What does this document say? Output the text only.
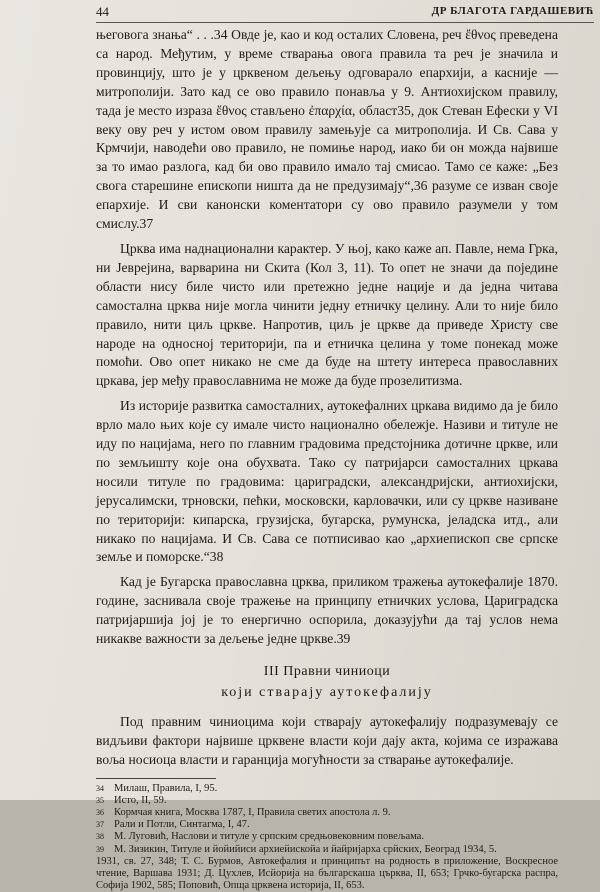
44	ДР БЛАГОТА ГАРДАШЕВИЋ

његовога знања“ . . .34 Овде је, као и код осталих Словена, реч ἔθνος преведена са народ. Међутим, у време стварања овога правила та реч је значила и провинцију, што је у црквеном дељењу одговарало епархији, а касније — митрополији. Зато кад се ово правило понавља у 9. Антиохијском правилу, тада је место израза ἔθνος стављено ἐπαρχία, област35, док Стеван Ефески у VI веку ову реч у истом овом правилу замењује са митрополија. И Св. Сава у Крмчији, наводећи ово правило, не помиње народ, иако би он можда највише за то имао разлога, кад би ово правило имало тај смисао. Тамо се каже: „Без свога старешине епископи ништа да не предузимају“,36 разуме се изван своје епархије. И сви канонски коментатори су ово правило разумели у том смислу.37

Црква има наднационални карактер. У њој, како каже ап. Павле, нема Грка, ни Јеврејина, варварина ни Скита (Кол 3, 11). То опет не значи да поједине области нису биле чисто или претежно једне нације и да једна читава самостална црква није могла чинити једну етничку целину. Али то није било правило, нити циљ цркве. Напротив, циљ је цркве да приведе Христу све народе на односној територији, па и етничка целина у томе понекад може помоћи. Ово опет никако не сме да буде на штету интереса православних цркава, јер међу православнима не може да буде прозелитизма.

Из историје развитка самосталних, аутокефалних цркава видимо да је било врло мало њих које су имале чисто национално обележје. Називи и титуле не иду по нацијама, него по главним градовима предстојника дотичне цркве, или по земљишту које она обухвата. Тако су патријарси самосталних цркава носили титуле по градовима: цариградски, александријски, антиохијски, јерусалимски, трновски, пећки, московски, карловачки, или су цркве називане по територији: кипарска, грузијска, бугарска, румунска, јеладска итд., али никако по нацијама. И Св. Сава се потписивао као „архиепископ све српске земље и поморске.“38

Кад је Бугарска православна црква, приликом тражења аутокефалије 1870. године, заснивала своје тражење на принципу етничких услова, Цариградска патријаршија јој је то енергично оспорила, доказујући да тај услов нема никакве важности за дељење једне цркве.39

III Правни чиниоци
који стварају аутокефалију

Под правним чиниоцима који стварају аутокефалију подразумевају се видљиви фактори највише црквене власти који дају акта, којима се изражава воља носиоца власти и гаранција могућности за стварање аутокефалије.

34 Милаш, Правила, I, 95.
35 Исто, II, 59.
36 Кормчая книга, Москва 1787, I, Правила светих апостола л. 9.
37 Рали и Потли, Синтагма, I, 47.
38 М. Луговић, Наслови и титуле у српским средњовековним повељама.
39 М. Зизикин, Титуле и йойийиси архиейискойа и йайријарха срйских, Београд 1934, 5.
1931, св. 27, 348; Т. С. Бурмов, Автокефалия и принципът на родность в приложение, Воскресное чтение, Варшава 1931; Д. Цухлев, Исйорија на бългаpскаша църква, II, 653; Грчко-бугарска распра, Софија 1902, 585; Поповић, Опща црквена историја, II, 653.
